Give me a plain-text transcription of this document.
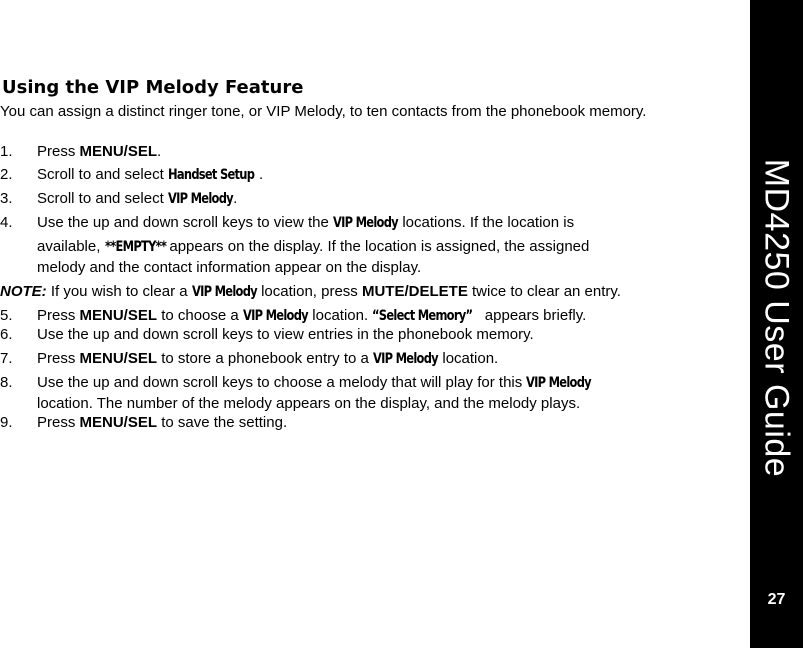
Using the VIP Melody Feature

You can assign a distinct ringer tone, or VIP Melody, to ten contacts from the phonebook memory.

1. Press MENU/SEL.
2. Scroll to and select Handset Setup .
3. Scroll to and select VIP Melody.
4. Use the up and down scroll keys to view the VIP Melody locations. If the location is
available, **EMPTY** appears on the display. If the location is assigned, the assigned
melody and the contact information appear on the display.
NOTE: If you wish to clear a VIP Melody location, press MUTE/DELETE twice to clear an entry.
5. Press MENU/SEL to choose a VIP Melody location. “Select Memory” appears briefly.
6. Use the up and down scroll keys to view entries in the phonebook memory.
7. Press MENU/SEL to store a phonebook entry to a VIP Melody location.
8. Use the up and down scroll keys to choose a melody that will play for this VIP Melody
location. The number of the melody appears on the display, and the melody plays.
9. Press MENU/SEL to save the setting.	MD4250 User Guide
27
